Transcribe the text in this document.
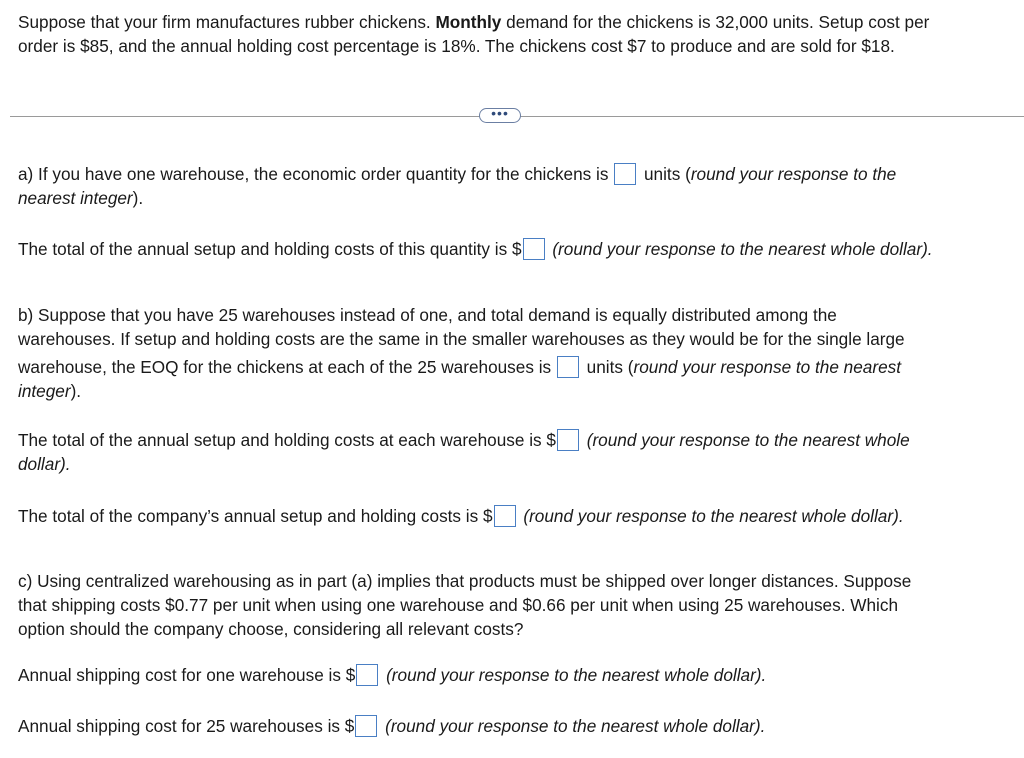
Suppose that your firm manufactures rubber chickens. Monthly demand for the chickens is 32,000 units. Setup cost per
order is $85, and the annual holding cost percentage is 18%. The chickens cost $7 to produce and are sold for $18.
•••
a) If you have one warehouse, the economic order quantity for the chickens is  units (round your response to the
nearest integer).
The total of the annual setup and holding costs of this quantity is $ (round your response to the nearest whole dollar).
b) Suppose that you have 25 warehouses instead of one, and total demand is equally distributed among the
warehouses. If setup and holding costs are the same in the smaller warehouses as they would be for the single large
warehouse, the EOQ for the chickens at each of the 25 warehouses is  units (round your response to the nearest
integer).
The total of the annual setup and holding costs at each warehouse is $ (round your response to the nearest whole
dollar).
The total of the company’s annual setup and holding costs is $ (round your response to the nearest whole dollar).
c) Using centralized warehousing as in part (a) implies that products must be shipped over longer distances. Suppose
that shipping costs $0.77 per unit when using one warehouse and $0.66 per unit when using 25 warehouses. Which
option should the company choose, considering all relevant costs?
Annual shipping cost for one warehouse is $ (round your response to the nearest whole dollar).
Annual shipping cost for 25 warehouses is $ (round your response to the nearest whole dollar).
